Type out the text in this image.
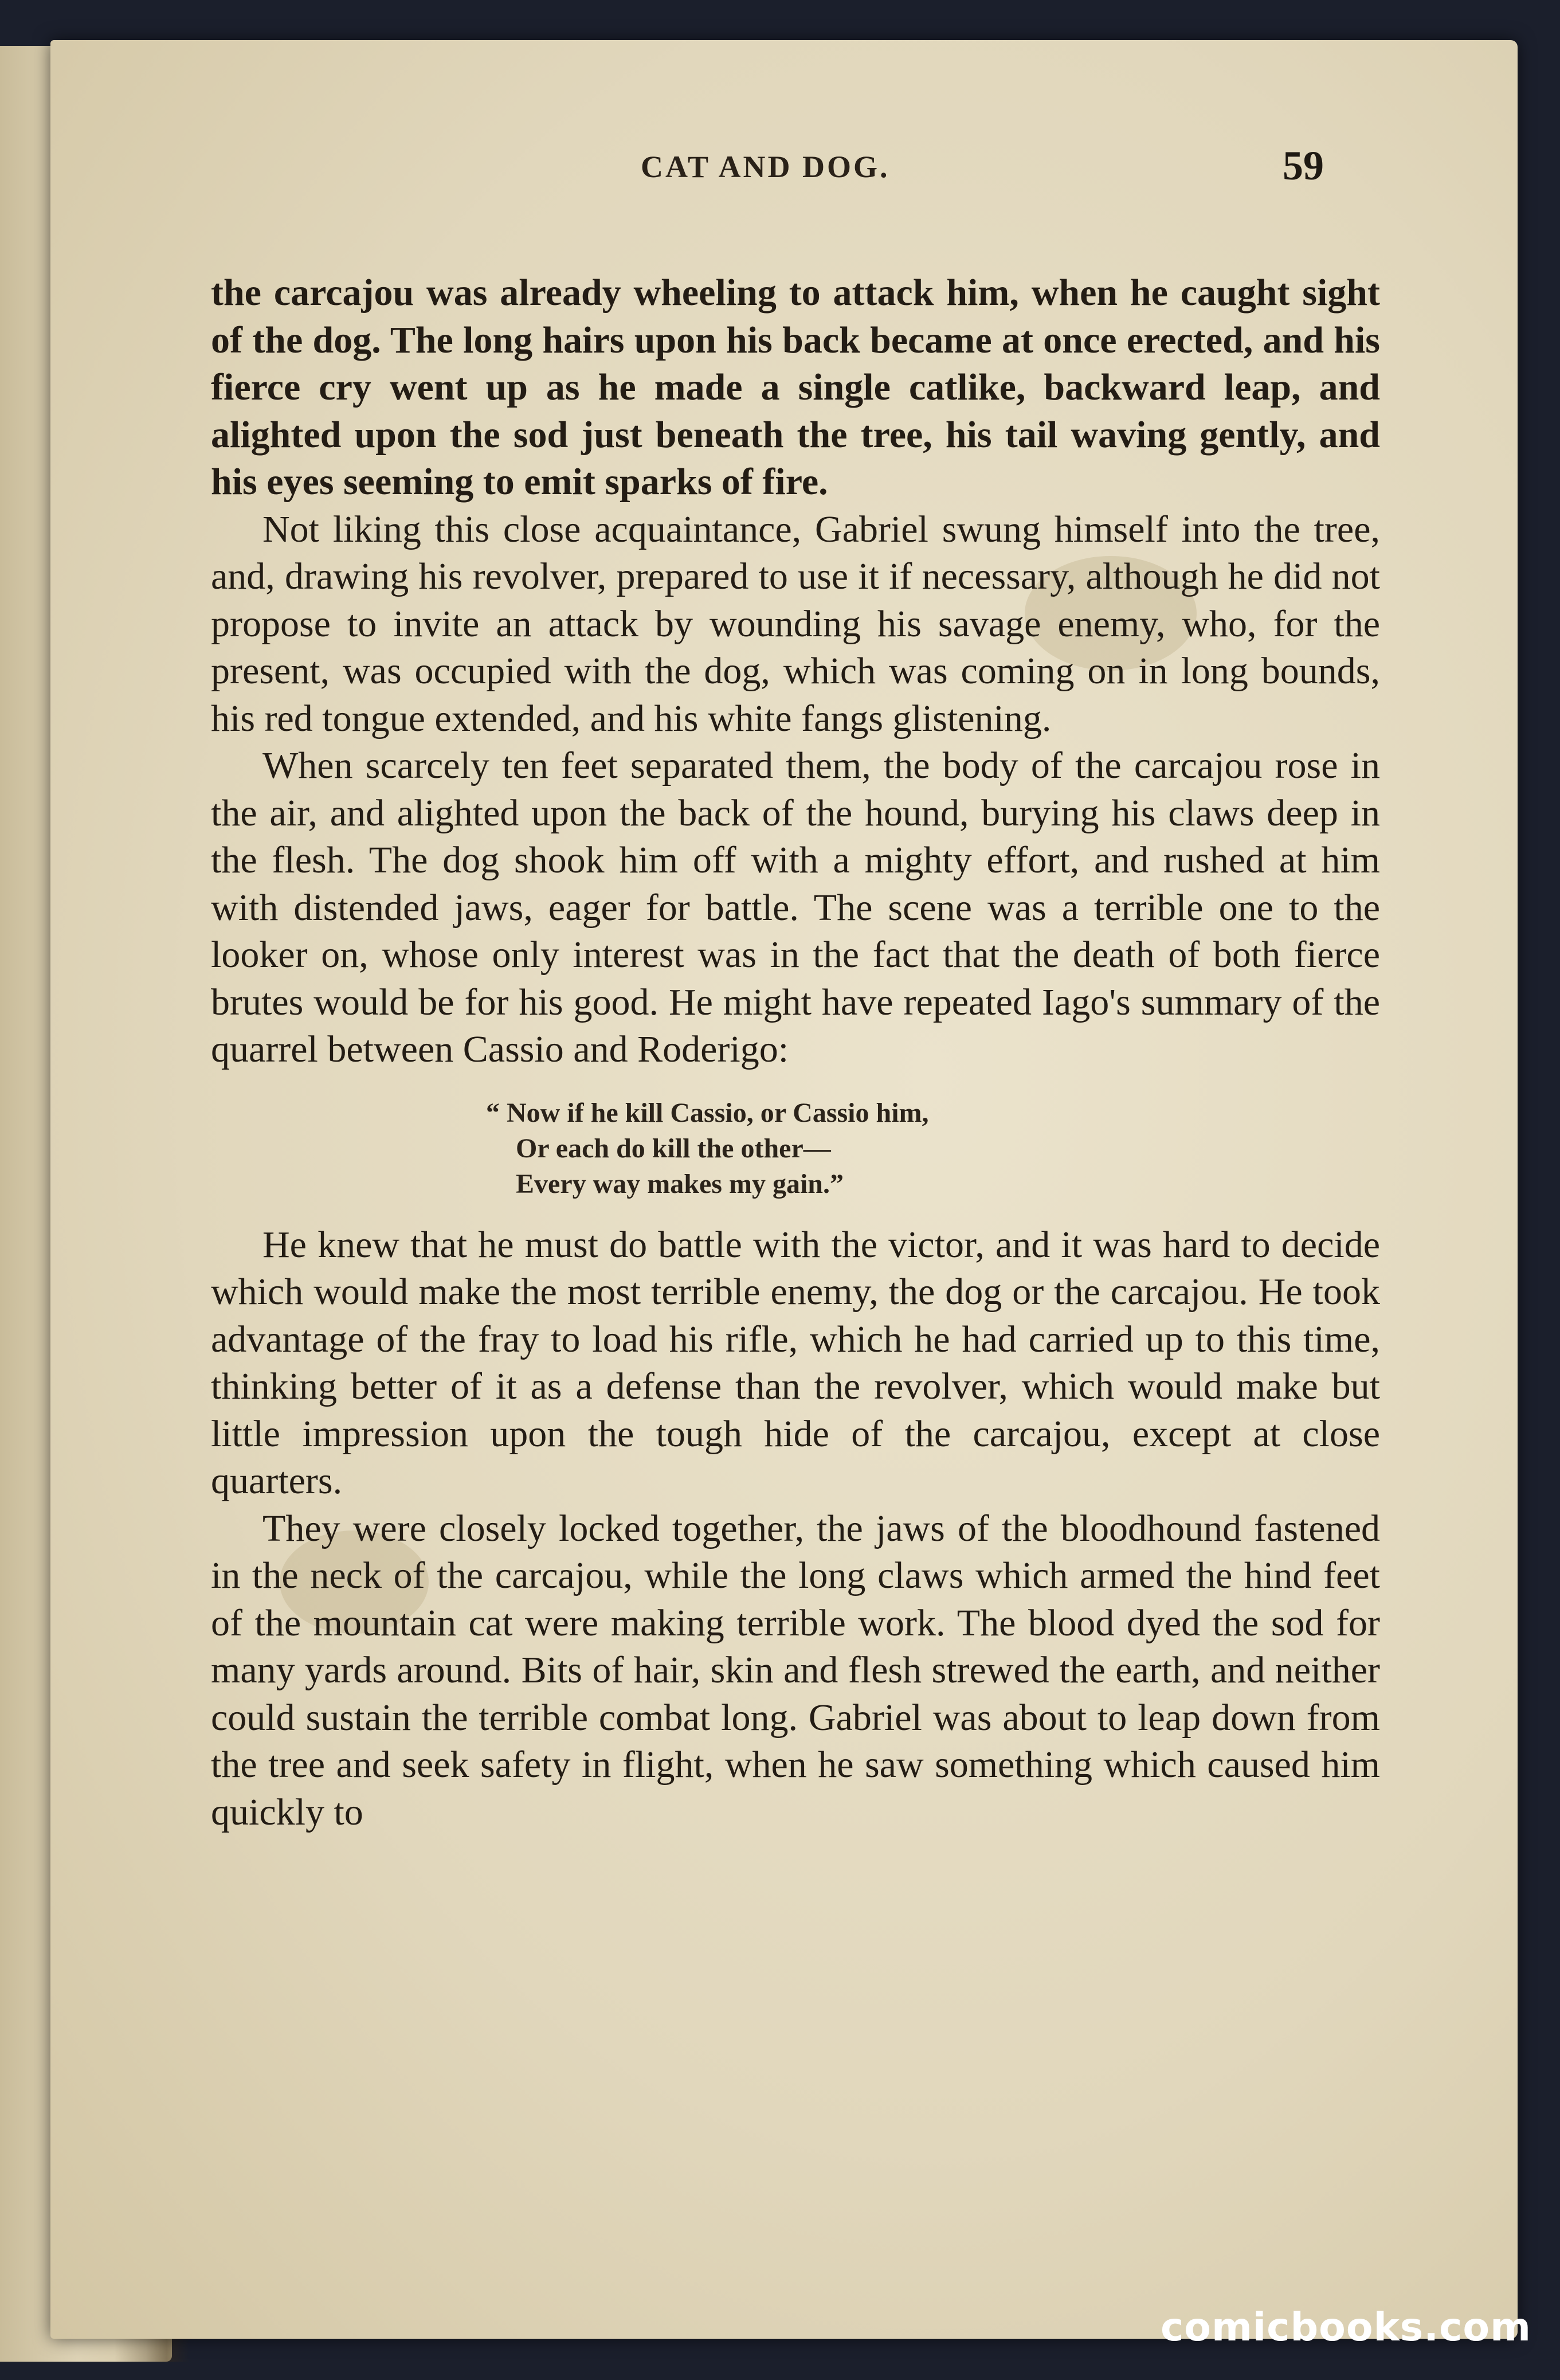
CAT AND DOG.	59

the carcajou was already wheeling to attack him, when he caught sight of the dog. The long hairs upon his back became at once erected, and his fierce cry went up as he made a single catlike, backward leap, and alighted upon the sod just beneath the tree, his tail waving gently, and his eyes seeming to emit sparks of fire.

Not liking this close acquaintance, Gabriel swung himself into the tree, and, drawing his revolver, prepared to use it if necessary, although he did not propose to invite an attack by wounding his savage enemy, who, for the present, was occupied with the dog, which was coming on in long bounds, his red tongue extended, and his white fangs glistening.

When scarcely ten feet separated them, the body of the carcajou rose in the air, and alighted upon the back of the hound, burying his claws deep in the flesh. The dog shook him off with a mighty effort, and rushed at him with distended jaws, eager for battle. The scene was a terrible one to the looker on, whose only interest was in the fact that the death of both fierce brutes would be for his good. He might have repeated Iago's summary of the quarrel between Cassio and Roderigo:

“ Now if he kill Cassio, or Cassio him,

Or each do kill the other—

Every way makes my gain.”

He knew that he must do battle with the victor, and it was hard to decide which would make the most terrible enemy, the dog or the carcajou. He took advantage of the fray to load his rifle, which he had carried up to this time, thinking better of it as a defense than the revolver, which would make but little impression upon the tough hide of the carcajou, except at close quarters.

They were closely locked together, the jaws of the bloodhound fastened in the neck of the carcajou, while the long claws which armed the hind feet of the mountain cat were making terrible work. The blood dyed the sod for many yards around. Bits of hair, skin and flesh strewed the earth, and neither could sustain the terrible combat long. Gabriel was about to leap down from the tree and seek safety in flight, when he saw something which caused him quickly to

comicbooks.com
